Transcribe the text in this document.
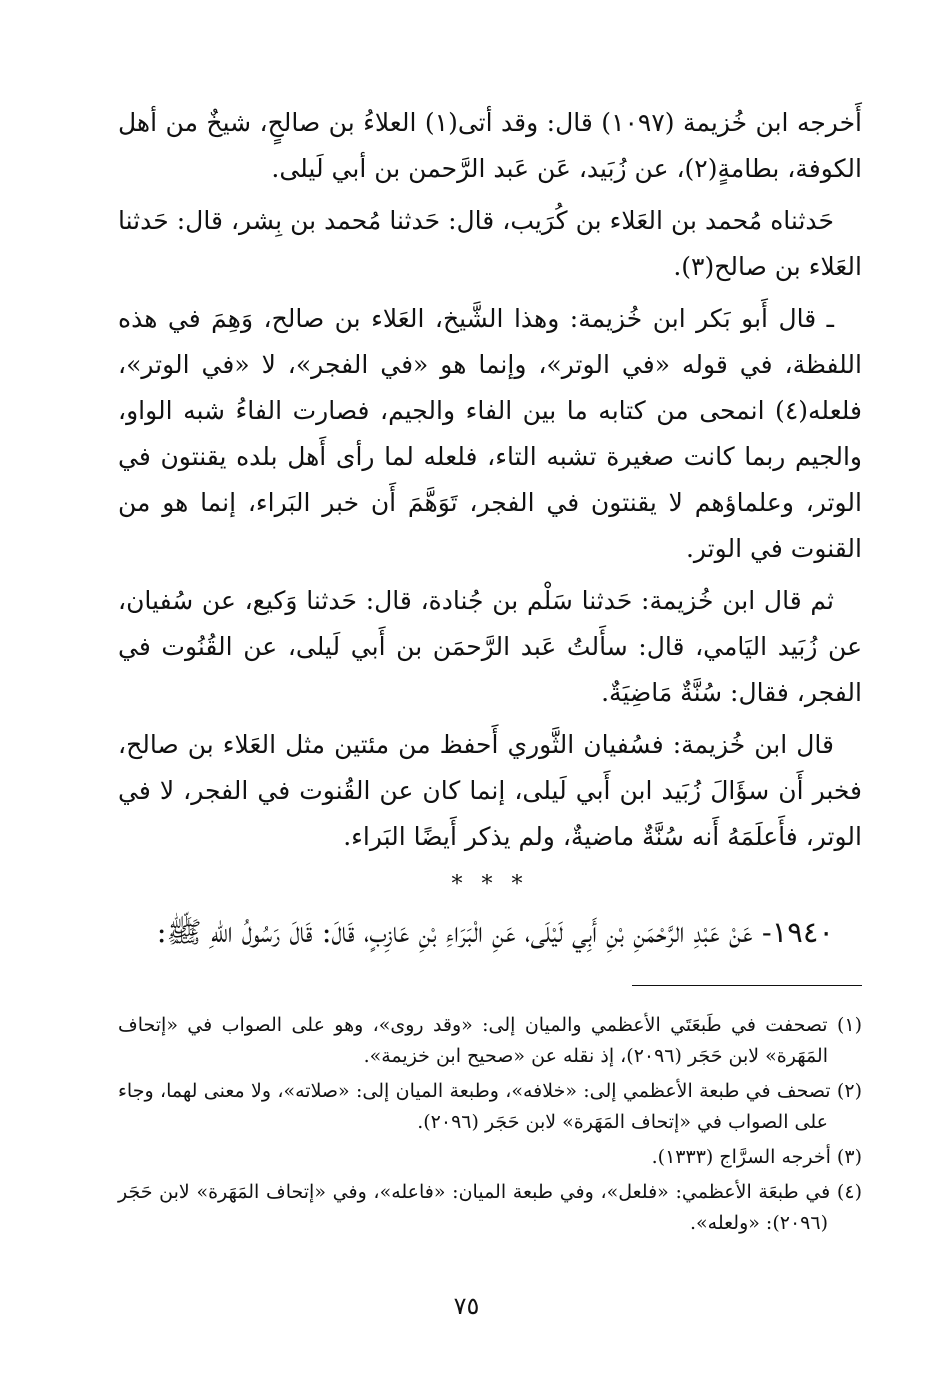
أَخرجه ابن خُزيمة (١٠٩٧) قال: وقد أتى(١) العلاءُ بن صالحٍ، شيخٌ من أهل الكوفة، بطامةٍ(٢)، عن زُبَيد، عَن عَبد الرَّحمن بن أبي لَيلى.

حَدثناه مُحمد بن العَلاء بن كُرَيب، قال: حَدثنا مُحمد بن بِشر، قال: حَدثنا العَلاء بن صالح(٣).

ـ قال أَبو بَكر ابن خُزيمة: وهذا الشَّيخ، العَلاء بن صالح، وَهِمَ في هذه اللفظة، في قوله «في الوتر»، وإنما هو «في الفجر»، لا «في الوتر»، فلعله(٤) انمحى من كتابه ما بين الفاء والجيم، فصارت الفاءُ شبه الواو، والجيم ربما كانت صغيرة تشبه التاء، فلعله لما رأى أَهل بلده يقنتون في الوتر، وعلماؤهم لا يقنتون في الفجر، تَوَهَّمَ أَن خبر البَراء، إنما هو من القنوت في الوتر.

ثم قال ابن خُزيمة: حَدثنا سَلْم بن جُنادة، قال: حَدثنا وَكيع، عن سُفيان، عن زُبَيد اليَامي، قال: سأَلتُ عَبد الرَّحمَن بن أَبي لَيلى، عن القُنُوت في الفجر، فقال: سُنَّةٌ مَاضِيَةٌ.

قال ابن خُزيمة: فسُفيان الثَّوري أَحفظ من مئتين مثل العَلاء بن صالح، فخبر أَن سؤَالَ زُبَيد ابن أَبي لَيلى، إنما كان عن القُنوت في الفجر، لا في الوتر، فأَعلَمَهُ أَنه سُنَّةٌ ماضيةٌ، ولم يذكر أَيضًا البَراء.

* * *

١٩٤٠- عَنْ عَبْدِ الرَّحْمَنِ بْنِ أَبِي لَيْلَى، عَنِ الْبَرَاءِ بْنِ عَازِبٍ، قَالَ: قَالَ رَسُولُ اللهِ ﷺ:

(١) تصحفت في طَبعَتَي الأعظمي والميان إلى: «وقد روى»، وهو على الصواب في «إتحاف المَهَرة» لابن حَجَر (٢٠٩٦)، إذ نقله عن «صحيح ابن خزيمة».

(٢) تصحف في طبعة الأعظمي إلى: «خلافه»، وطبعة الميان إلى: «صلاته»، ولا معنى لهما، وجاء على الصواب في «إتحاف المَهَرة» لابن حَجَر (٢٠٩٦).

(٣) أخرجه السرَّاج (١٣٣٣).

(٤) في طبعَة الأعظمي: «فلعل»، وفي طبعة الميان: «فاعله»، وفي «إتحاف المَهَرة» لابن حَجَر (٢٠٩٦): «ولعله».

٧٥
